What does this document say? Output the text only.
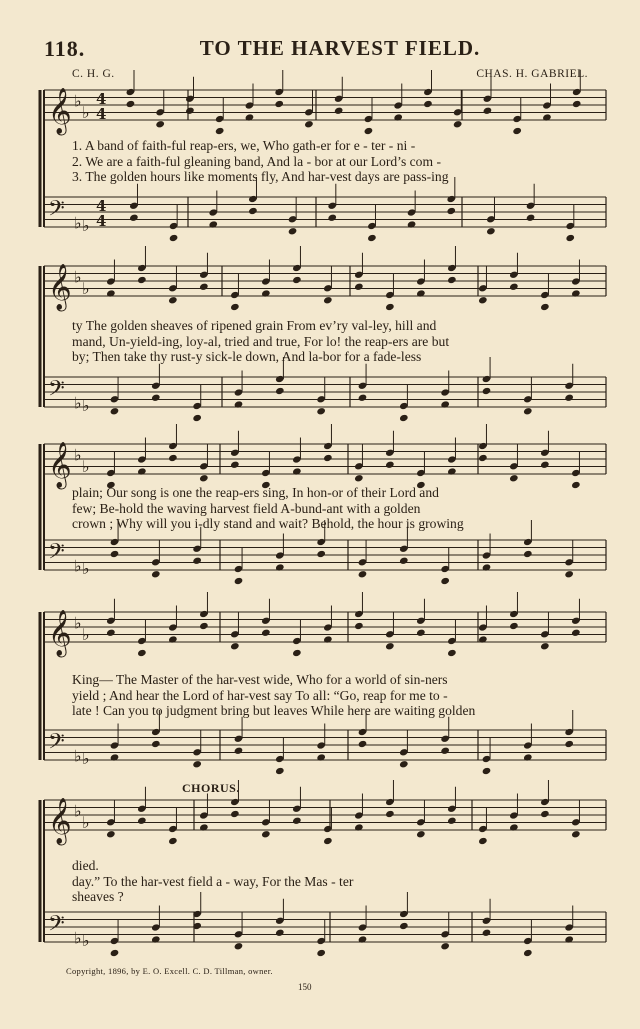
118.	TO THE HARVEST FIELD.
C. H. G.	CHAS. H. GABRIEL.
𝄞 ♭
♭
4
4
𝄢 ♭ ♭
4
4
𝄞 ♭
♭
𝄢 ♭ ♭
𝄞 ♭
♭
𝄢 ♭ ♭
𝄞 ♭
♭
𝄢 ♭ ♭
𝄞 ♭
♭
𝄢 ♭ ♭
1. A band of faith-ful reap-ers, we, Who gath-er for e - ter - ni -
2. We are a faith-ful gleaning band, And la - bor at our Lord’s com -
3. The golden hours like moments fly, And har-vest days are pass-ing
ty The golden sheaves of ripened grain From ev’ry val-ley, hill and
mand, Un-yield-ing, loy-al, tried and true, For lo! the reap-ers are but
by; Then take thy rust-y sick-le down, And la-bor for a fade-less
plain; Our song is one the reap-ers sing, In hon-or of their Lord and
few; Be-hold the waving harvest field A-bund-ant with a golden
crown ; Why will you i-dly stand and wait? Behold, the hour is growing
King— The Master of the har-vest wide, Who for a world of sin-ners
yield ; And hear the Lord of har-vest say To all: “Go, reap for me to -
late ! Can you to judgment bring but leaves While here are waiting golden
died.
day.” To the har-vest field a - way, For the Mas - ter
sheaves ?
CHORUS.
Copyright, 1896, by E. O. Excell. C. D. Tillman, owner.
150
